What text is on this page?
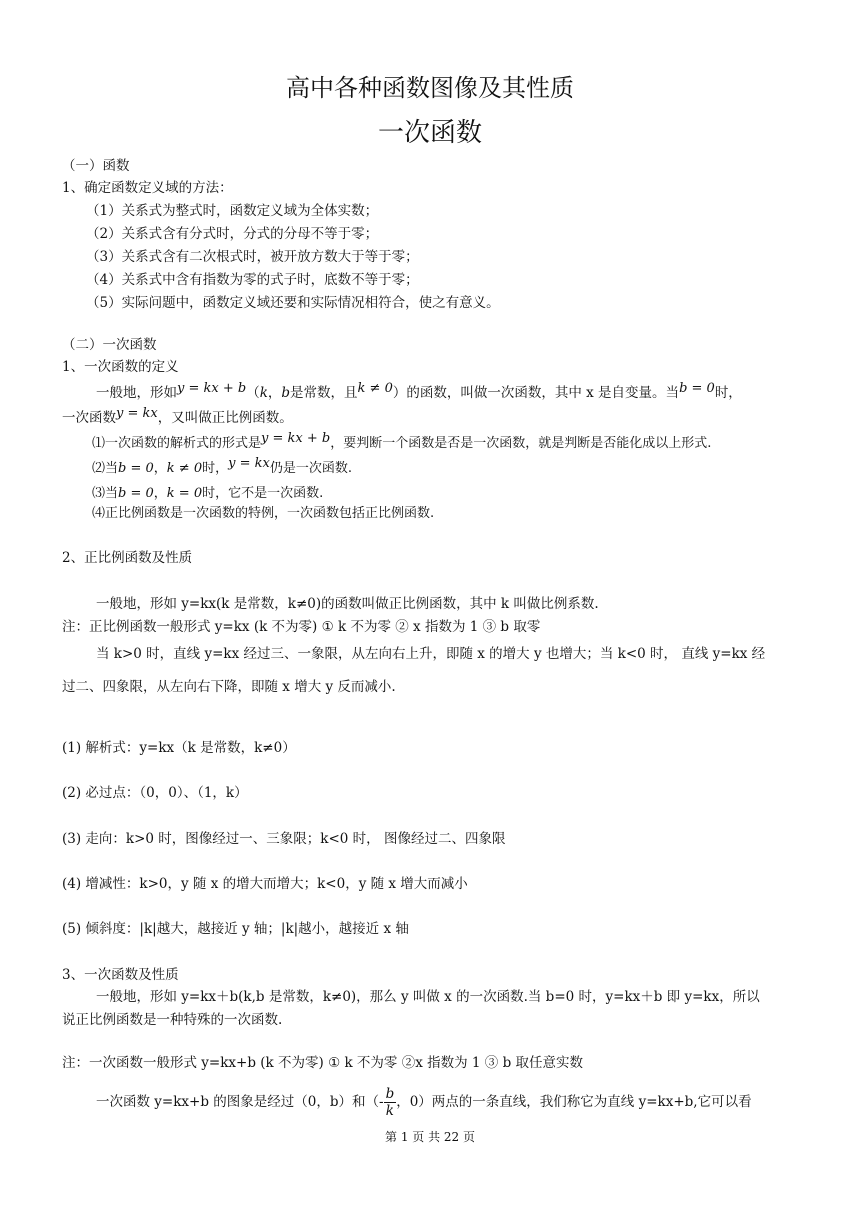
高中各种函数图像及其性质
一次函数
（一）函数
1、确定函数定义域的方法：
（1）关系式为整式时，函数定义域为全体实数；
（2）关系式含有分式时，分式的分母不等于零；
（3）关系式含有二次根式时，被开放方数大于等于零；
（4）关系式中含有指数为零的式子时，底数不等于零；
（5）实际问题中，函数定义域还要和实际情况相符合，使之有意义。
（二）一次函数
1、一次函数的定义
一般地，形如y = kx + b（k，b是常数，且k ≠ 0）的函数，叫做一次函数，其中 x 是自变量。当b = 0时，
一次函数y = kx，又叫做正比例函数。
⑴一次函数的解析式的形式是y = kx + b，要判断一个函数是否是一次函数，就是判断是否能化成以上形式.
⑵当b = 0，k ≠ 0时，y = kx仍是一次函数.
⑶当b = 0，k = 0时，它不是一次函数.
⑷正比例函数是一次函数的特例，一次函数包括正比例函数.
2、正比例函数及性质
一般地，形如 y=kx(k 是常数，k≠0)的函数叫做正比例函数，其中 k 叫做比例系数.
注：正比例函数一般形式 y=kx (k 不为零) ① k 不为零 ② x 指数为 1 ③ b 取零
当 k>0 时，直线 y=kx 经过三、一象限，从左向右上升，即随 x 的增大 y 也增大；当 k<0 时， 直线 y=kx 经
过二、四象限，从左向右下降，即随 x 增大 y 反而减小.
(1) 解析式：y=kx（k 是常数，k≠0）
(2) 必过点：（0，0）、（1，k）
(3) 走向：k>0 时，图像经过一、三象限；k<0 时， 图像经过二、四象限
(4) 增减性：k>0，y 随 x 的增大而增大；k<0，y 随 x 增大而减小
(5) 倾斜度：|k|越大，越接近 y 轴；|k|越小，越接近 x 轴
3、一次函数及性质
一般地，形如 y=kx＋b(k,b 是常数，k≠0)，那么 y 叫做 x 的一次函数.当 b=0 时，y=kx＋b 即 y=kx，所以
说正比例函数是一种特殊的一次函数.
注：一次函数一般形式 y=kx+b (k 不为零) ① k 不为零 ②x 指数为 1 ③ b 取任意实数
一次函数 y=kx+b 的图象是经过（0，b）和（- $\frac{b}{k}$ ，0）两点的一条直线，我们称它为直线 y=kx+b,它可以看
第 1 页 共 22 页
